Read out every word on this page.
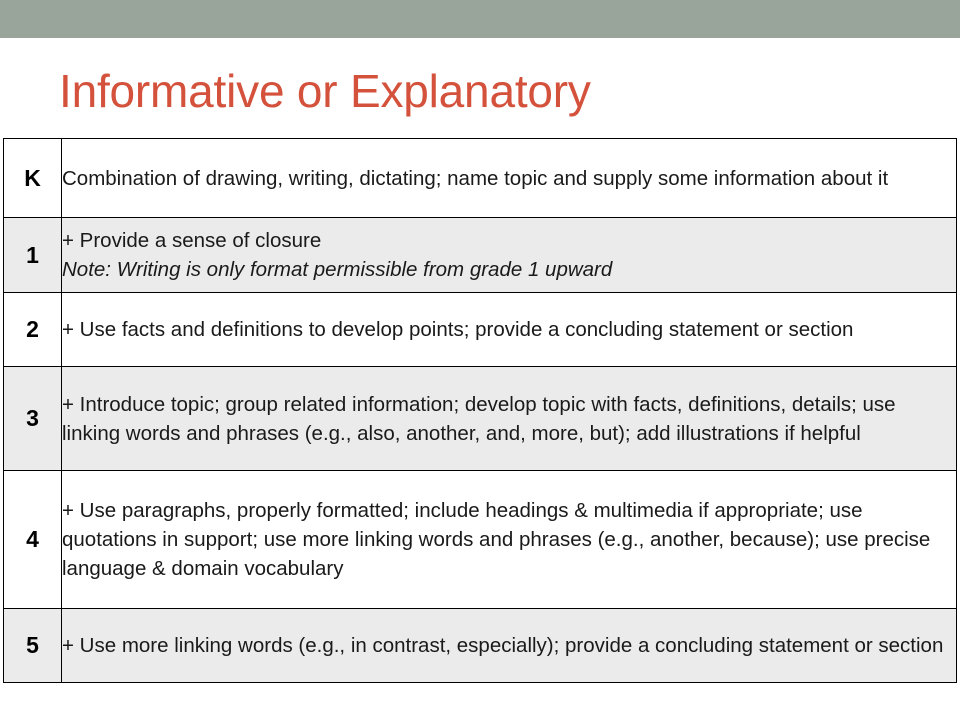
Informative or Explanatory
K	Combination of drawing, writing, dictating; name topic and supply some information about it

1	+ Provide a sense of closure
Note: Writing is only format permissible from grade 1 upward

2	+ Use facts and definitions to develop points; provide a concluding statement or section

3	+ Introduce topic; group related information; develop topic with facts, definitions, details; use linking words and phrases (e.g., also, another, and, more, but); add illustrations if helpful

4	+ Use paragraphs, properly formatted; include headings & multimedia if appropriate; use quotations in support; use more linking words and phrases (e.g., another, because); use precise language & domain vocabulary

5	+ Use more linking words (e.g., in contrast, especially); provide a concluding statement or section
